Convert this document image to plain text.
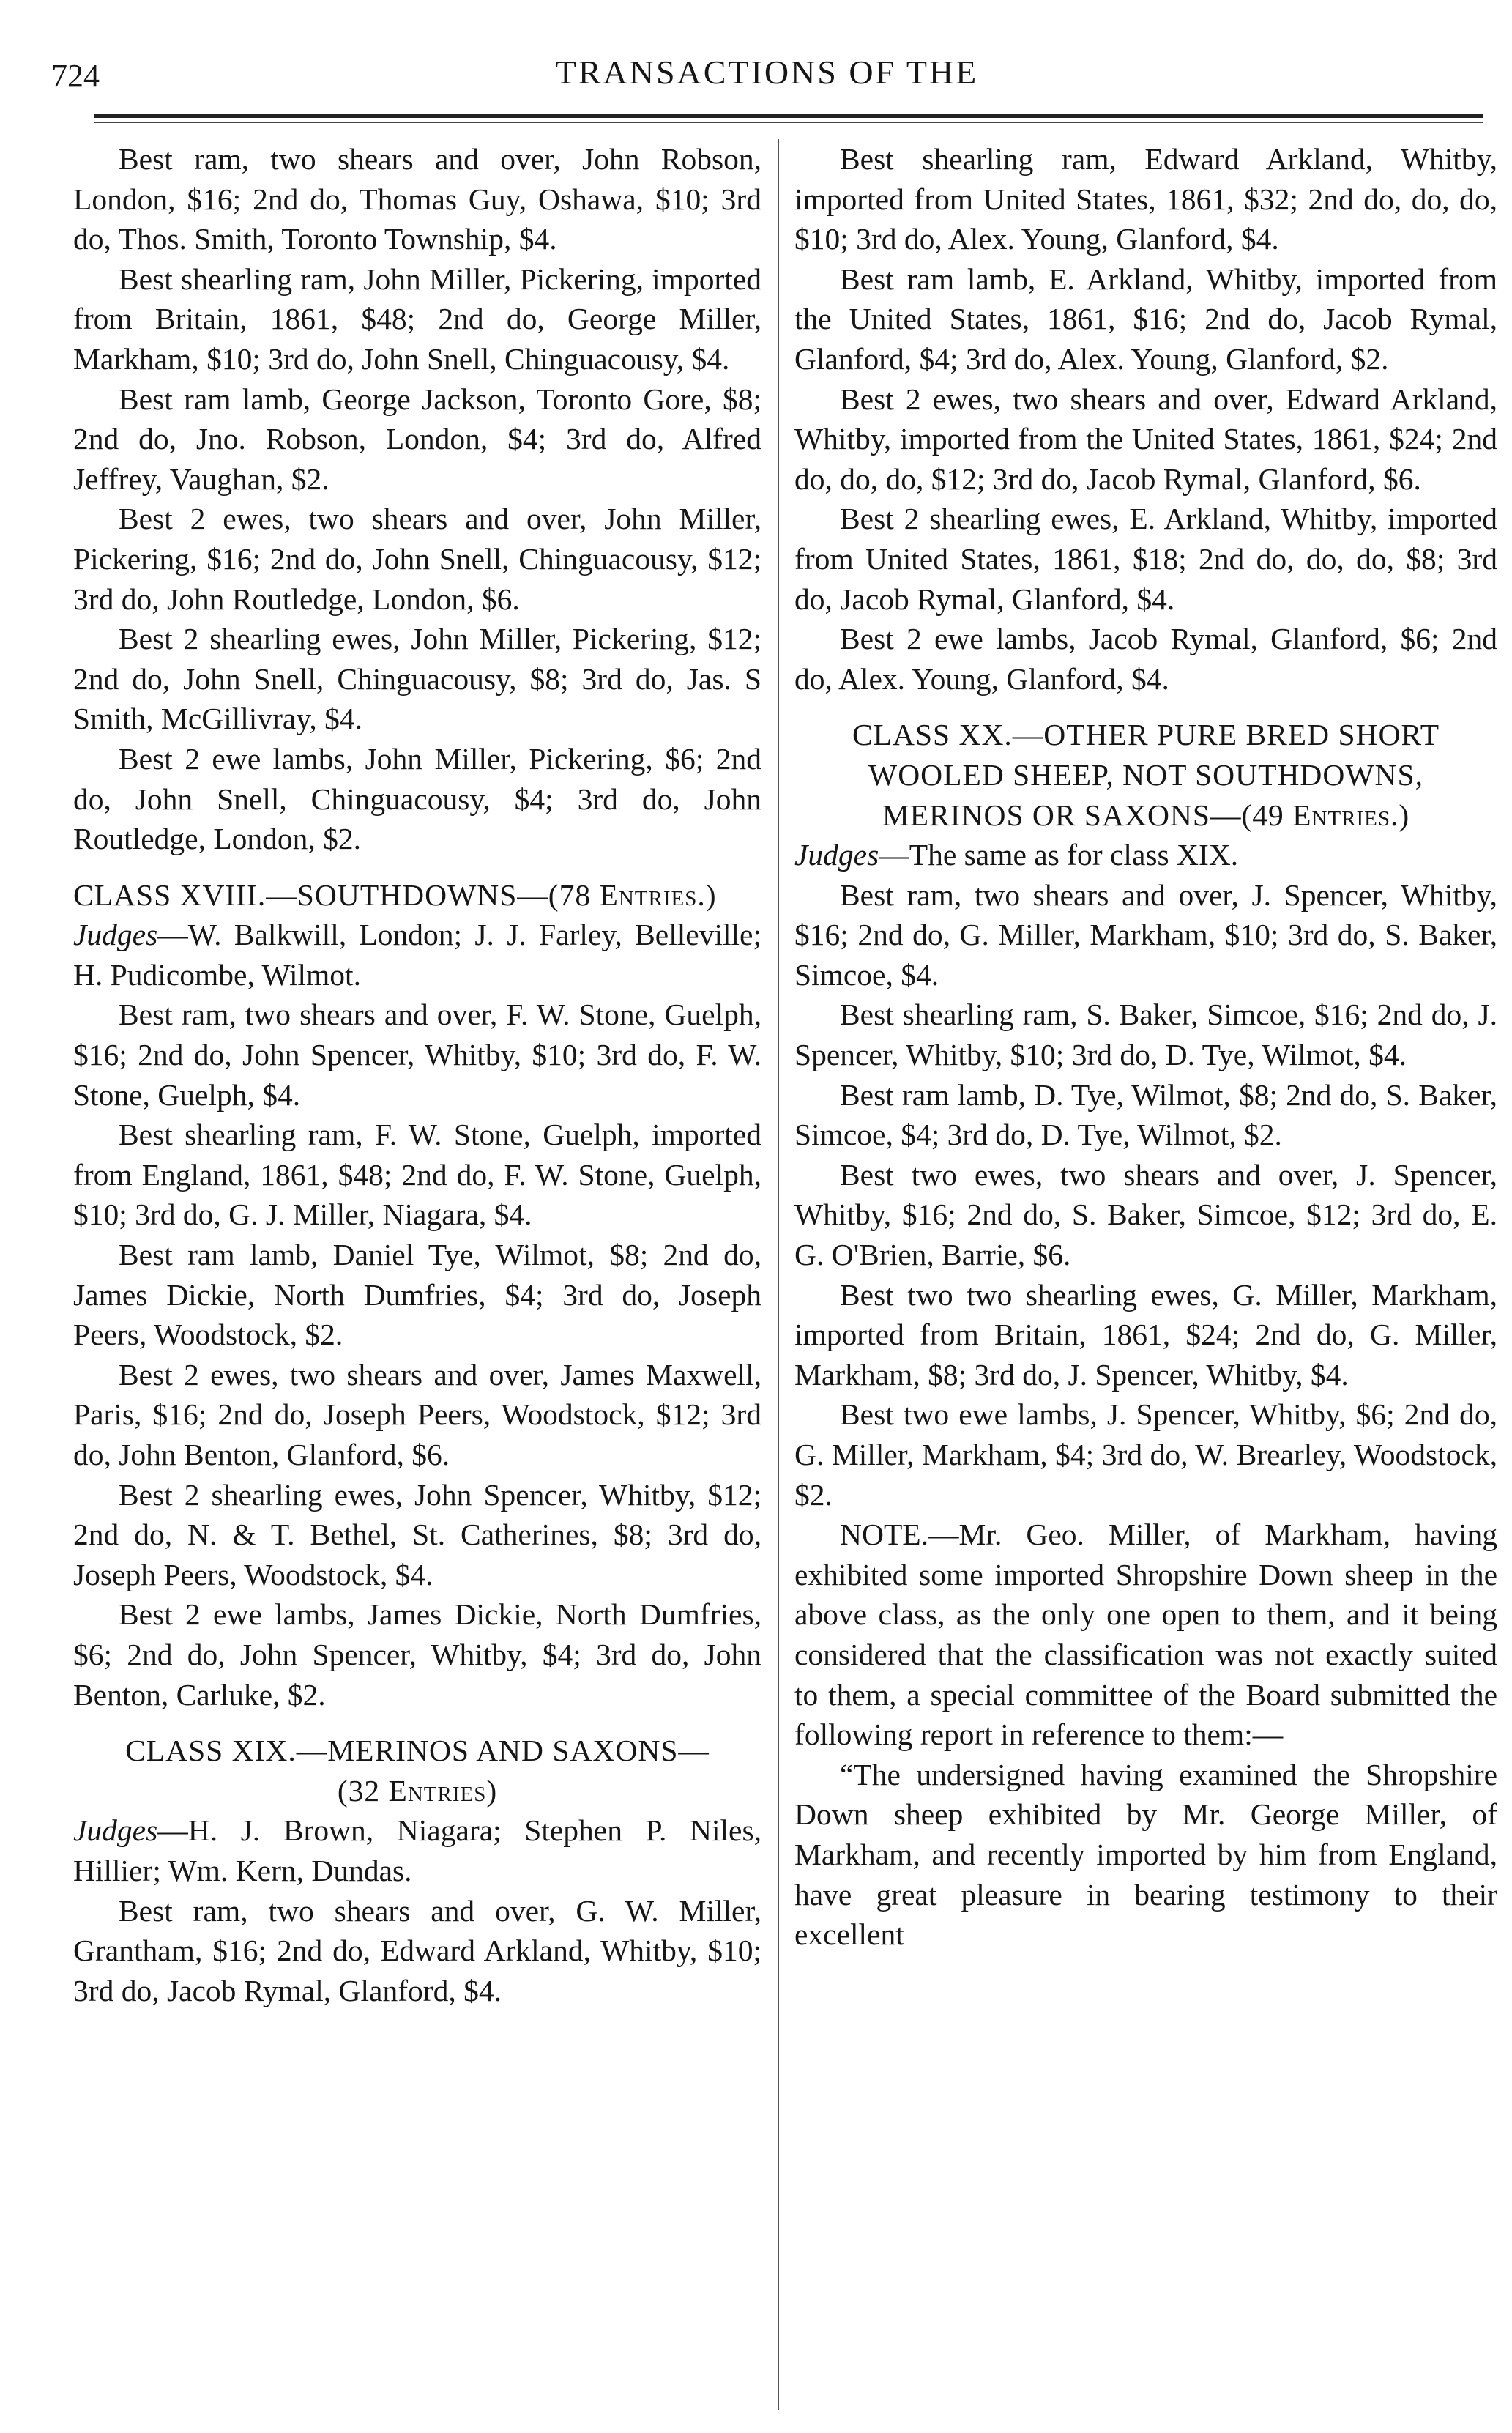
724	TRANSACTIONS OF THE

Best ram, two shears and over, John Robson, London, $16; 2nd do, Thomas Guy, Oshawa, $10; 3rd do, Thos. Smith, Toronto Township, $4.

Best shearling ram, John Miller, Pickering, imported from Britain, 1861, $48; 2nd do, George Miller, Markham, $10; 3rd do, John Snell, Chinguacousy, $4.

Best ram lamb, George Jackson, Toronto Gore, $8; 2nd do, Jno. Robson, London, $4; 3rd do, Alfred Jeffrey, Vaughan, $2.

Best 2 ewes, two shears and over, John Miller, Pickering, $16; 2nd do, John Snell, Chinguacousy, $12; 3rd do, John Routledge, London, $6.

Best 2 shearling ewes, John Miller, Pickering, $12; 2nd do, John Snell, Chinguacousy, $8; 3rd do, Jas. S Smith, McGillivray, $4.

Best 2 ewe lambs, John Miller, Pickering, $6; 2nd do, John Snell, Chinguacousy, $4; 3rd do, John Routledge, London, $2.

CLASS XVIII.—SOUTHDOWNS—(78 Entries.)

Judges—W. Balkwill, London; J. J. Farley, Belleville; H. Pudicombe, Wilmot.

Best ram, two shears and over, F. W. Stone, Guelph, $16; 2nd do, John Spencer, Whitby, $10; 3rd do, F. W. Stone, Guelph, $4.

Best shearling ram, F. W. Stone, Guelph, imported from England, 1861, $48; 2nd do, F. W. Stone, Guelph, $10; 3rd do, G. J. Miller, Niagara, $4.

Best ram lamb, Daniel Tye, Wilmot, $8; 2nd do, James Dickie, North Dumfries, $4; 3rd do, Joseph Peers, Woodstock, $2.

Best 2 ewes, two shears and over, James Maxwell, Paris, $16; 2nd do, Joseph Peers, Woodstock, $12; 3rd do, John Benton, Glanford, $6.

Best 2 shearling ewes, John Spencer, Whitby, $12; 2nd do, N. & T. Bethel, St. Catherines, $8; 3rd do, Joseph Peers, Woodstock, $4.

Best 2 ewe lambs, James Dickie, North Dumfries, $6; 2nd do, John Spencer, Whitby, $4; 3rd do, John Benton, Carluke, $2.

CLASS XIX.—MERINOS AND SAXONS—

(32 Entries)

Judges—H. J. Brown, Niagara; Stephen P. Niles, Hillier; Wm. Kern, Dundas.

Best ram, two shears and over, G. W. Miller, Grantham, $16; 2nd do, Edward Arkland, Whitby, $10; 3rd do, Jacob Rymal, Glanford, $4.

Best shearling ram, Edward Arkland, Whitby, imported from United States, 1861, $32; 2nd do, do, do, $10; 3rd do, Alex. Young, Glanford, $4.

Best ram lamb, E. Arkland, Whitby, imported from the United States, 1861, $16; 2nd do, Jacob Rymal, Glanford, $4; 3rd do, Alex. Young, Glanford, $2.

Best 2 ewes, two shears and over, Edward Arkland, Whitby, imported from the United States, 1861, $24; 2nd do, do, do, $12; 3rd do, Jacob Rymal, Glanford, $6.

Best 2 shearling ewes, E. Arkland, Whitby, imported from United States, 1861, $18; 2nd do, do, do, $8; 3rd do, Jacob Rymal, Glanford, $4.

Best 2 ewe lambs, Jacob Rymal, Glanford, $6; 2nd do, Alex. Young, Glanford, $4.

CLASS XX.—OTHER PURE BRED SHORT WOOLED SHEEP, NOT SOUTHDOWNS, MERINOS OR SAXONS—(49 Entries.)

Judges—The same as for class XIX.

Best ram, two shears and over, J. Spencer, Whitby, $16; 2nd do, G. Miller, Markham, $10; 3rd do, S. Baker, Simcoe, $4.

Best shearling ram, S. Baker, Simcoe, $16; 2nd do, J. Spencer, Whitby, $10; 3rd do, D. Tye, Wilmot, $4.

Best ram lamb, D. Tye, Wilmot, $8; 2nd do, S. Baker, Simcoe, $4; 3rd do, D. Tye, Wilmot, $2.

Best two ewes, two shears and over, J. Spencer, Whitby, $16; 2nd do, S. Baker, Simcoe, $12; 3rd do, E. G. O'Brien, Barrie, $6.

Best two two shearling ewes, G. Miller, Markham, imported from Britain, 1861, $24; 2nd do, G. Miller, Markham, $8; 3rd do, J. Spencer, Whitby, $4.

Best two ewe lambs, J. Spencer, Whitby, $6; 2nd do, G. Miller, Markham, $4; 3rd do, W. Brearley, Woodstock, $2.

NOTE.—Mr. Geo. Miller, of Markham, having exhibited some imported Shropshire Down sheep in the above class, as the only one open to them, and it being considered that the classification was not exactly suited to them, a special committee of the Board submitted the following report in reference to them:—

“The undersigned having examined the Shropshire Down sheep exhibited by Mr. George Miller, of Markham, and recently imported by him from England, have great pleasure in bearing testimony to their excellent
